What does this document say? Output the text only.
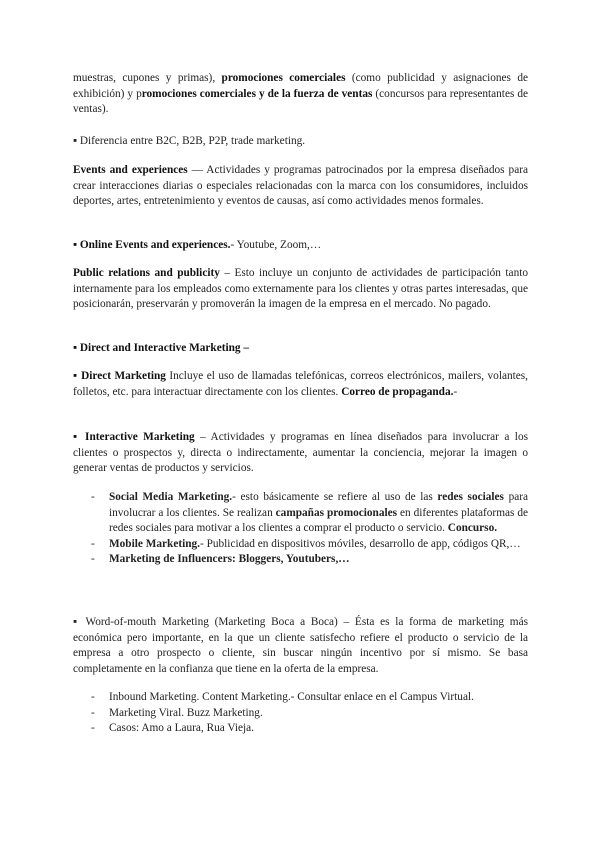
muestras, cupones y primas), promociones comerciales (como publicidad y asignaciones de exhibición) y promociones comerciales y de la fuerza de ventas (concursos para representantes de ventas).

▪ Diferencia entre B2C, B2B, P2P, trade marketing.

Events and experiences — Actividades y programas patrocinados por la empresa diseñados para crear interacciones diarias o especiales relacionadas con la marca con los consumidores, incluidos deportes, artes, entretenimiento y eventos de causas, así como actividades menos formales.

▪ Online Events and experiences.- Youtube, Zoom,…

Public relations and publicity – Esto incluye un conjunto de actividades de participación tanto internamente para los empleados como externamente para los clientes y otras partes interesadas, que posicionarán, preservarán y promoverán la imagen de la empresa en el mercado. No pagado.

▪ Direct and Interactive Marketing –

▪ Direct Marketing Incluye el uso de llamadas telefónicas, correos electrónicos, mailers, volantes, folletos, etc. para interactuar directamente con los clientes. Correo de propaganda.-

▪ Interactive Marketing – Actividades y programas en línea diseñados para involucrar a los clientes o prospectos y, directa o indirectamente, aumentar la conciencia, mejorar la imagen o generar ventas de productos y servicios.

- Social Media Marketing.- esto básicamente se refiere al uso de las redes sociales para involucrar a los clientes. Se realizan campañas promocionales en diferentes plataformas de redes sociales para motivar a los clientes a comprar el producto o servicio. Concurso.
- Mobile Marketing.- Publicidad en dispositivos móviles, desarrollo de app, códigos QR,…
- Marketing de Influencers: Bloggers, Youtubers,…

▪ Word-of-mouth Marketing (Marketing Boca a Boca) – Ésta es la forma de marketing más económica pero importante, en la que un cliente satisfecho refiere el producto o servicio de la empresa a otro prospecto o cliente, sin buscar ningún incentivo por sí mismo. Se basa completamente en la confianza que tiene en la oferta de la empresa.

- Inbound Marketing. Content Marketing.- Consultar enlace en el Campus Virtual.
- Marketing Viral. Buzz Marketing.
- Casos: Amo a Laura, Rua Vieja.
